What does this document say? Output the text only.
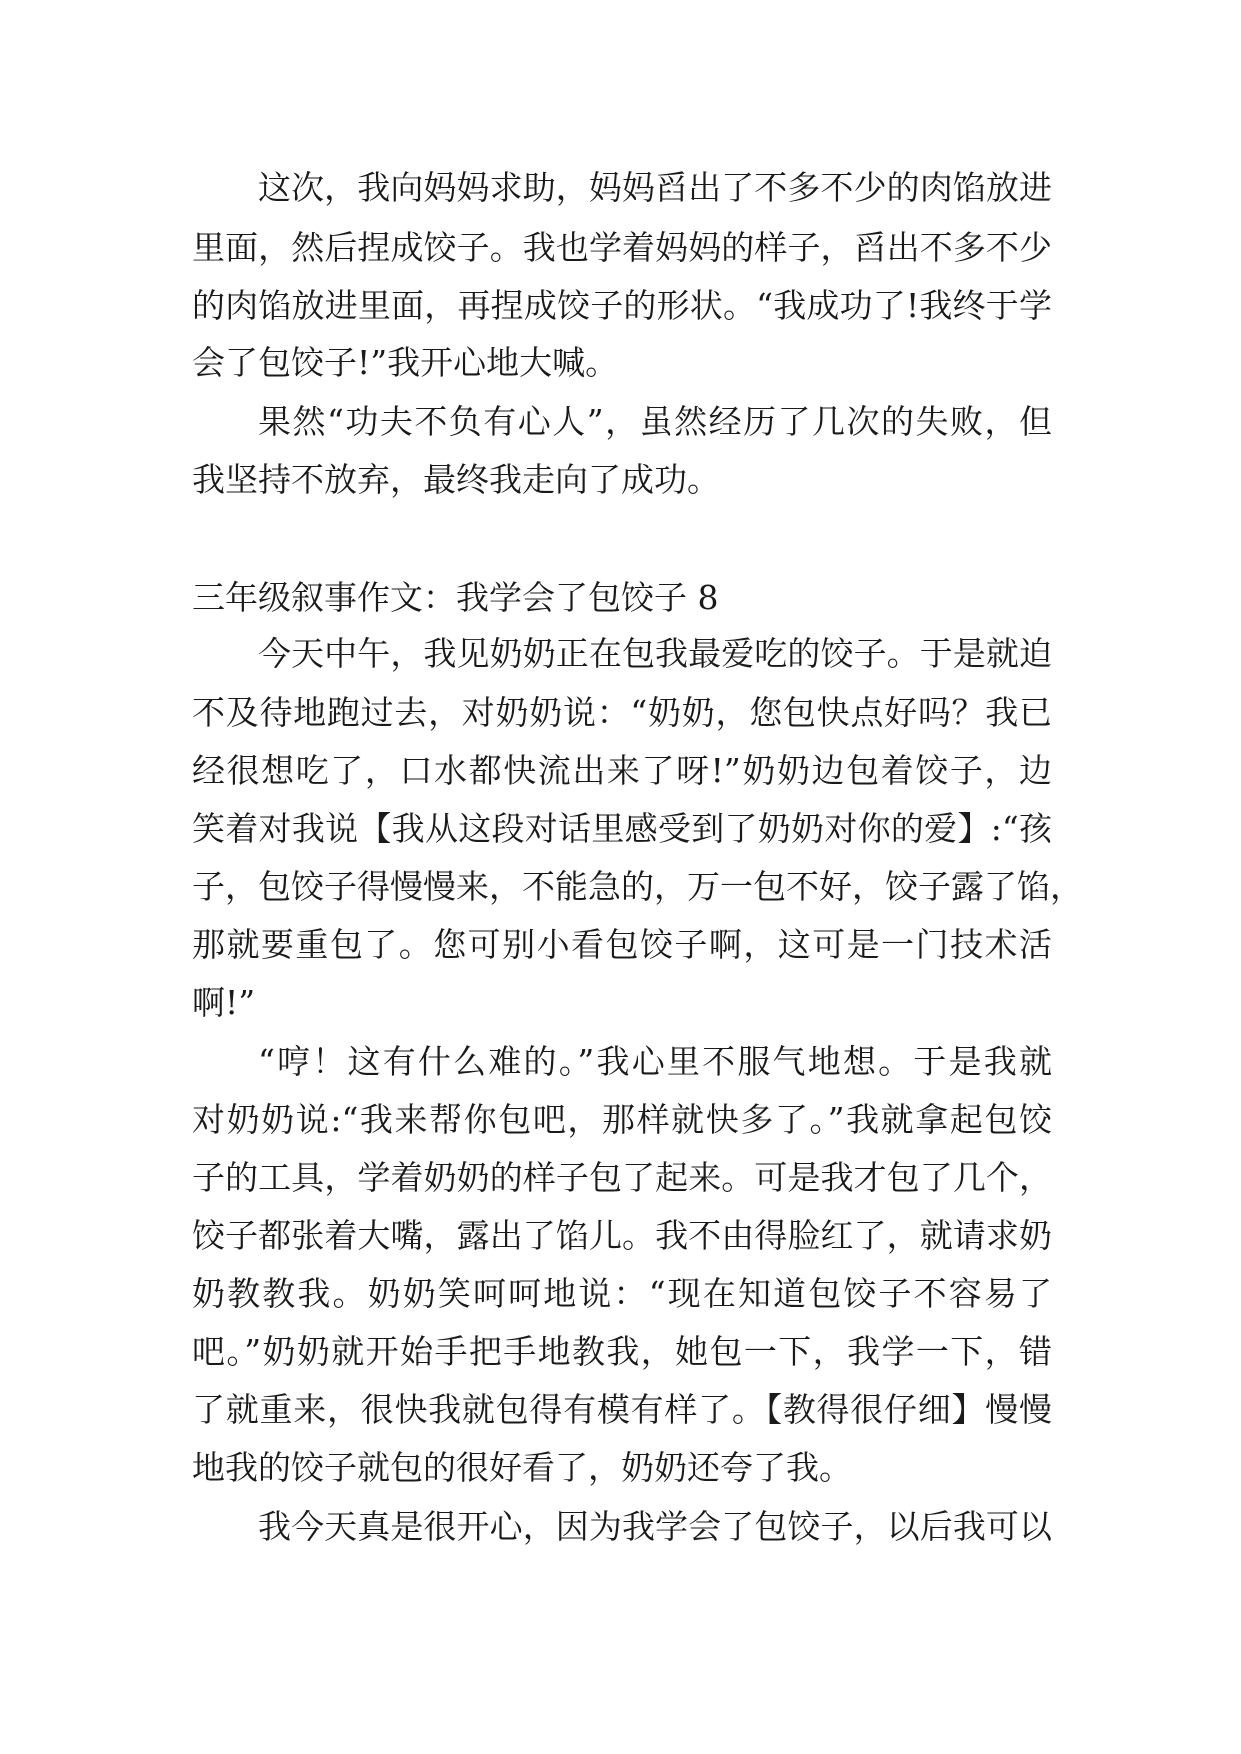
这次，我向妈妈求助，妈妈舀出了不多不少的肉馅放进
里面，然后捏成饺子。我也学着妈妈的样子，舀出不多不少
的肉馅放进里面，再捏成饺子的形状。“我成功了!我终于学
会了包饺子!”我开心地大喊。
果然“功夫不负有心人”，虽然经历了几次的失败，但
我坚持不放弃，最终我走向了成功。
三年级叙事作文：我学会了包饺子 8
今天中午，我见奶奶正在包我最爱吃的饺子。于是就迫
不及待地跑过去，对奶奶说：“奶奶，您包快点好吗？我已
经很想吃了，口水都快流出来了呀!”奶奶边包着饺子，边
笑着对我说【我从这段对话里感受到了奶奶对你的爱】:“孩
子，包饺子得慢慢来，不能急的，万一包不好，饺子露了馅，
那就要重包了。您可别小看包饺子啊，这可是一门技术活
啊!”
“哼！这有什么难的。”我心里不服气地想。于是我就
对奶奶说:“我来帮你包吧，那样就快多了。”我就拿起包饺
子的工具，学着奶奶的样子包了起来。可是我才包了几个，
饺子都张着大嘴，露出了馅儿。我不由得脸红了，就请求奶
奶教教我。奶奶笑呵呵地说：“现在知道包饺子不容易了
吧。”奶奶就开始手把手地教我，她包一下，我学一下，错
了就重来，很快我就包得有模有样了。【教得很仔细】慢慢
地我的饺子就包的很好看了，奶奶还夸了我。
我今天真是很开心，因为我学会了包饺子，以后我可以
